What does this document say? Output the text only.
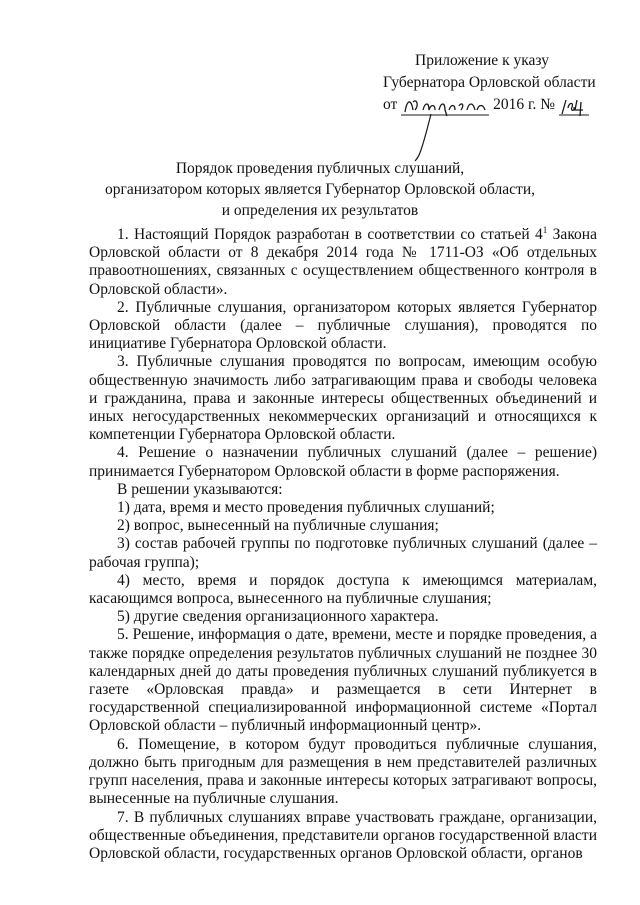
Приложение к указу
Губернатора Орловской области
от	2016 г. №
Порядок проведения публичных слушаний,
организатором которых является Губернатор Орловской области,
и определения их результатов

1. Настоящий Порядок разработан в соответствии со статьей $4^1$ Закона Орловской области от 8 декабря 2014 года № 1711-ОЗ «Об отдельных правоотношениях, связанных с осуществлением общественного контроля в Орловской области».

2. Публичные слушания, организатором которых является Губернатор Орловской области (далее – публичные слушания), проводятся по инициативе Губернатора Орловской области.

3. Публичные слушания проводятся по вопросам, имеющим особую общественную значимость либо затрагивающим права и свободы человека и гражданина, права и законные интересы общественных объединений и иных негосударственных некоммерческих организаций и относящихся к компетенции Губернатора Орловской области.

4. Решение о назначении публичных слушаний (далее – решение) принимается Губернатором Орловской области в форме распоряжения.

В решении указываются:

1) дата, время и место проведения публичных слушаний;

2) вопрос, вынесенный на публичные слушания;

3) состав рабочей группы по подготовке публичных слушаний (далее – рабочая группа);

4) место, время и порядок доступа к имеющимся материалам, касающимся вопроса, вынесенного на публичные слушания;

5) другие сведения организационного характера.

5. Решение, информация о дате, времени, месте и порядке проведения, а также порядке определения результатов публичных слушаний не позднее 30 календарных дней до даты проведения публичных слушаний публикуется в газете «Орловская правда» и размещается в сети Интернет в государственной специализированной информационной системе «Портал Орловской области – публичный информационный центр».

6. Помещение, в котором будут проводиться публичные слушания, должно быть пригодным для размещения в нем представителей различных групп населения, права и законные интересы которых затрагивают вопросы, вынесенные на публичные слушания.

7. В публичных слушаниях вправе участвовать граждане, организации, общественные объединения, представители органов государственной власти Орловской области, государственных органов Орловской области, органов
